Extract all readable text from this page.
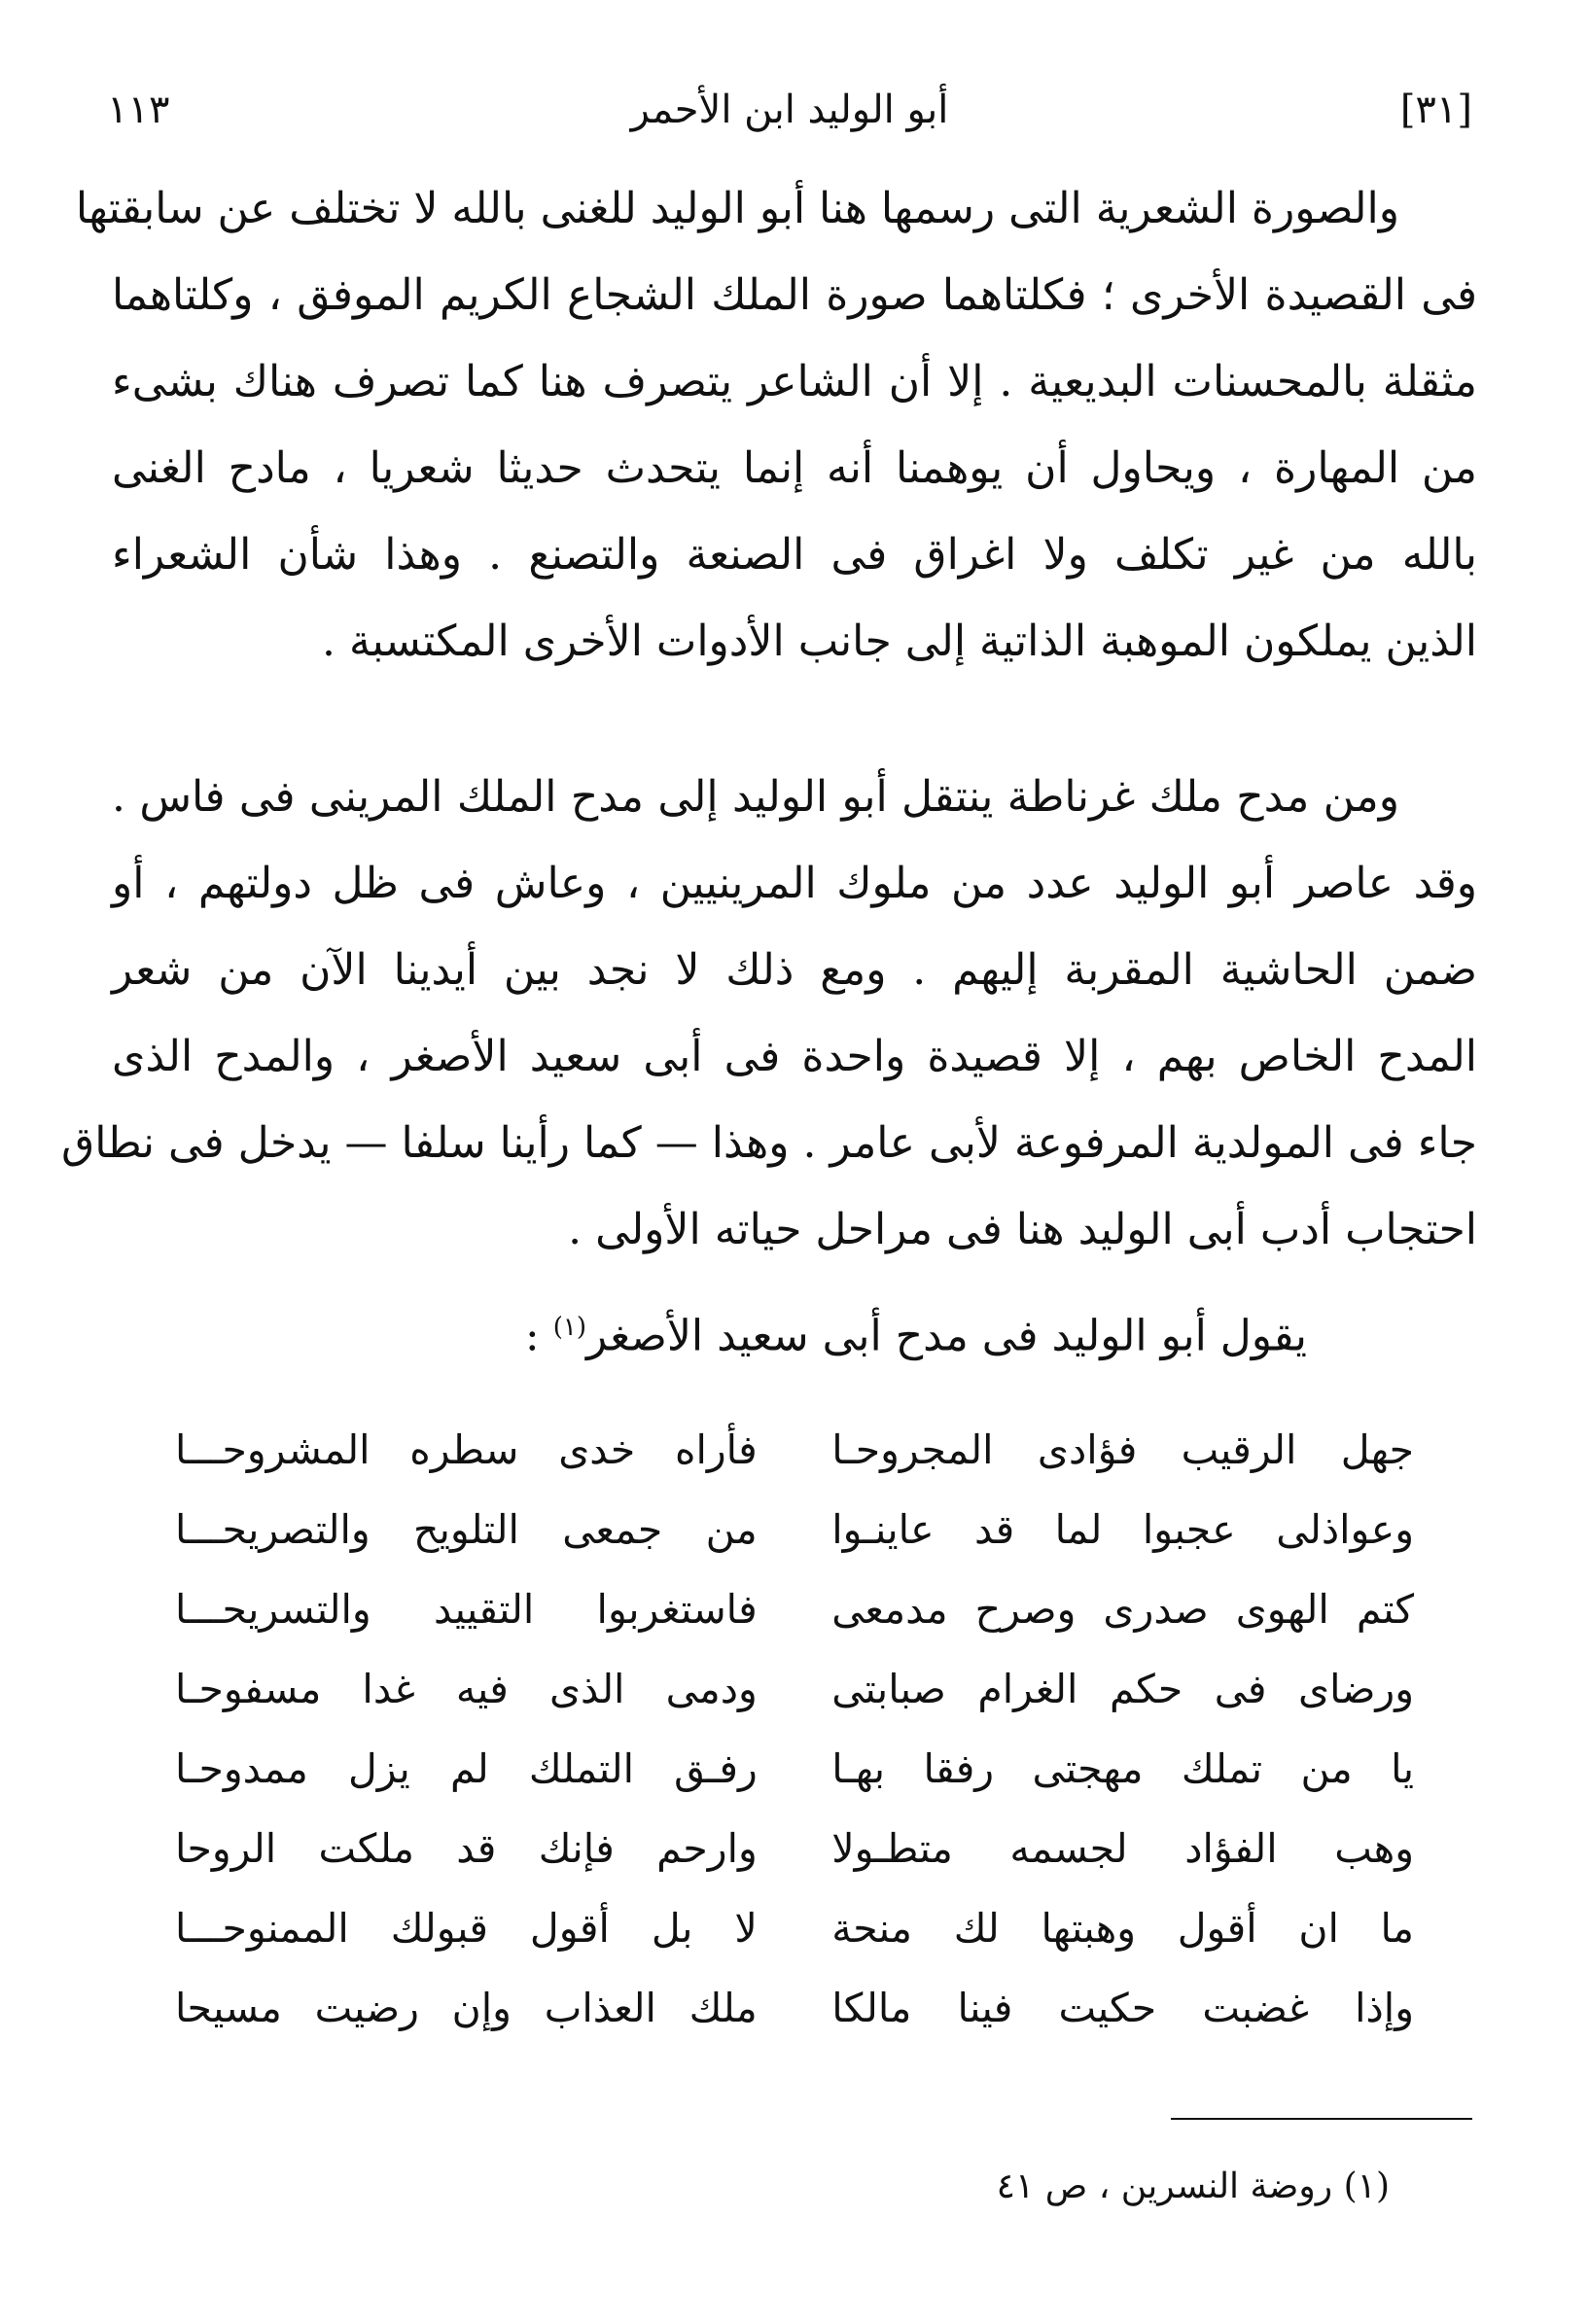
١١٣	أبو الوليد ابن الأحمر	[٣١]

والصورة الشعرية التى رسمها هنا أبو الوليد للغنى بالله لا تختلف عن سابقتها

فى القصيدة الأخرى ؛ فكلتاهما صورة الملك الشجاع الكريم الموفق ، وكلتاهما

مثقلة بالمحسنات البديعية . إلا أن الشاعر يتصرف هنا كما تصرف هناك بشىء

من المهارة ، ويحاول أن يوهمنا أنه إنما يتحدث حديثا شعريا ، مادح الغنى

بالله من غير تكلف ولا اغراق فى الصنعة والتصنع . وهذا شأن الشعراء

الذين يملكون الموهبة الذاتية إلى جانب الأدوات الأخرى المكتسبة .

ومن مدح ملك غرناطة ينتقل أبو الوليد إلى مدح الملك المرينى فى فاس .

وقد عاصر أبو الوليد عدد من ملوك المرينيين ، وعاش فى ظل دولتهم ، أو

ضمن الحاشية المقربة إليهم . ومع ذلك لا نجد بين أيدينا الآن من شعر

المدح الخاص بهم ، إلا قصيدة واحدة فى أبى سعيد الأصغر ، والمدح الذى

جاء فى المولدية المرفوعة لأبى عامر . وهذا — كما رأينا سلفا — يدخل فى نطاق

احتجاب أدب أبى الوليد هنا فى مراحل حياته الأولى .

يقول أبو الوليد فى مدح أبى سعيد الأصغر$^{(١)}$ :
جهل الرقيب فؤادى المجروحـا
فأراه خدى سطره المشروحـــا
وعواذلى عجبوا لما قد عاينـوا
من جمعى التلويح والتصريحـــا
كتم الهوى صدرى وصرح مدمعى
فاستغربوا التقييد والتسريحـــا
ورضاى فى حكم الغرام صبابتى
ودمى الذى فيه غدا مسفوحـا
يا من تملك مهجتى رفقا بهـا
رفـق التملك لم يزل ممدوحـا
وهب الفؤاد لجسمه متطـولا
وارحم فإنك قد ملكت الروحا
ما ان أقول وهبتها لك منحة
لا بل أقول قبولك الممنوحـــا
وإذا غضبت حكيت فينا مالكا
ملك العذاب وإن رضيت مسيحا
(١) روضة النسرين ، ص ٤١
